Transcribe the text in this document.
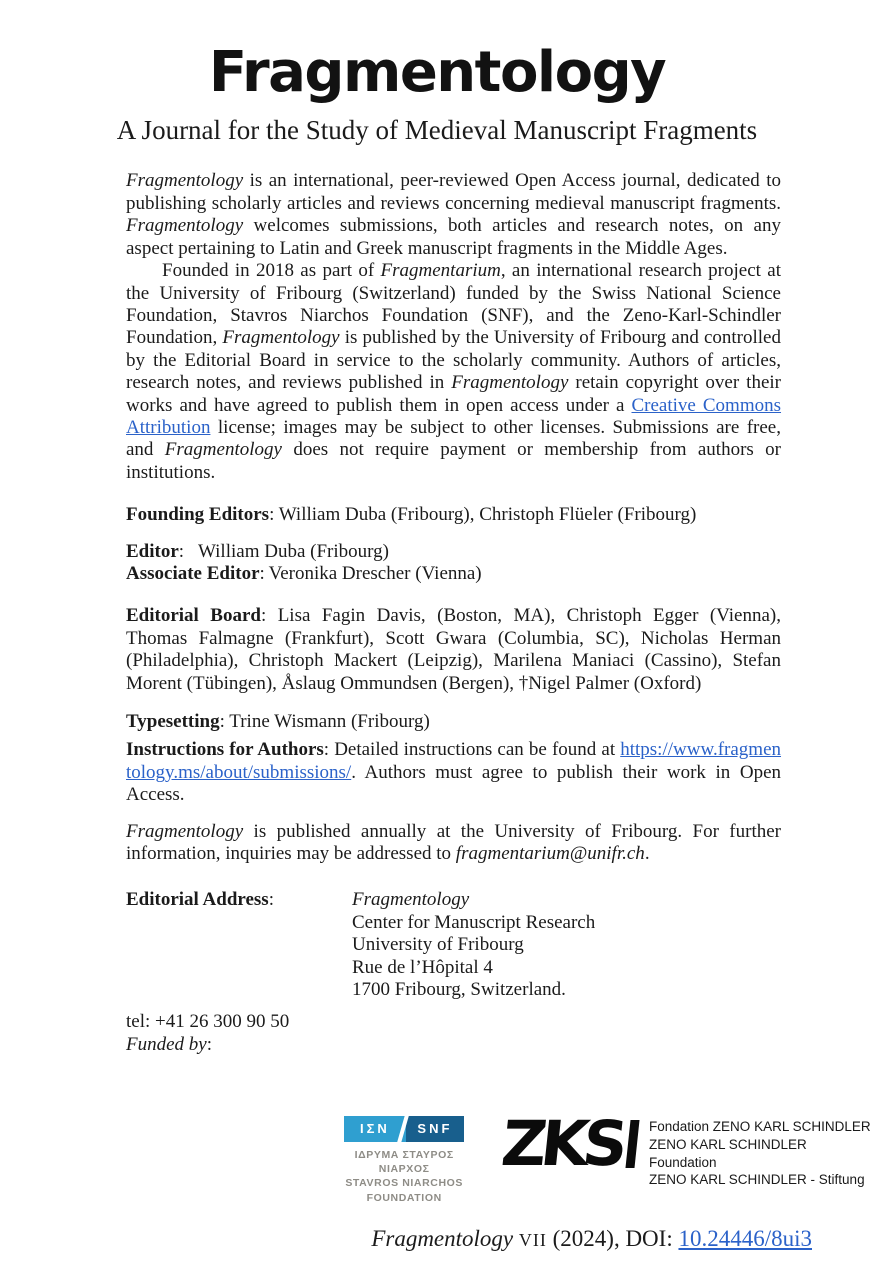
Fragmentology
A Journal for the Study of Medieval Manuscript Fragments

Fragmentology is an international, peer-reviewed Open Access journal, dedicated to publishing scholarly articles and reviews concerning medieval manuscript fragments. Fragmentology welcomes submissions, both articles and research notes, on any aspect pertaining to Latin and Greek manuscript fragments in the Middle Ages.

Founded in 2018 as part of Fragmentarium, an international research project at the University of Fribourg (Switzerland) funded by the Swiss National Science Foundation, Stavros Niarchos Foundation (SNF), and the Zeno-Karl-Schindler Foundation, Fragmentology is published by the University of Fribourg and controlled by the Editorial Board in service to the scholarly community. Authors of articles, research notes, and reviews published in Fragmentology retain copyright over their works and have agreed to publish them in open access under a Creative Commons Attribution license; images may be subject to other licenses. Submissions are free, and Fragmentology does not require payment or membership from authors or institutions.

Founding Editors: William Duba (Fribourg), Christoph Flüeler (Fribourg)

Editor:   William Duba (Fribourg)

Associate Editor: Veronika Drescher (Vienna)

Editorial Board: Lisa Fagin Davis, (Boston, MA), Christoph Egger (Vienna), Thomas Falmagne (Frankfurt), Scott Gwara (Columbia, SC), Nicholas Herman (Philadelphia), Christoph Mackert (Leipzig), Marilena Maniaci (Cassino), Stefan Morent (Tübingen), Åslaug Ommundsen (Bergen), †Nigel Palmer (Oxford)

Typesetting: Trine Wismann (Fribourg)

Instructions for Authors: Detailed instructions can be found at https://www.fragmentology.ms/about/submissions/. Authors must agree to publish their work in Open Access.

Fragmentology is published annually at the University of Fribourg. For further information, inquiries may be addressed to fragmentarium@unifr.ch.

Editorial Address:	Fragmentology
Center for Manuscript Research
University of Fribourg
Rue de l’Hôpital 4
1700 Fribourg, Switzerland.
tel: +41 26 300 90 50
Funded by:
ΙΣΝ	SNF
ΙΔΡΥΜΑ ΣΤΑΥΡΟΣ ΝΙΑΡΧΟΣ
STAVROS NIARCHOS
FOUNDATION
ZKS Fondation ZENO KARL SCHINDLER
ZENO KARL SCHINDLER Foundation
ZENO KARL SCHINDLER - Stiftung
Fragmentology VII (2024), DOI: 10.24446/8ui3
